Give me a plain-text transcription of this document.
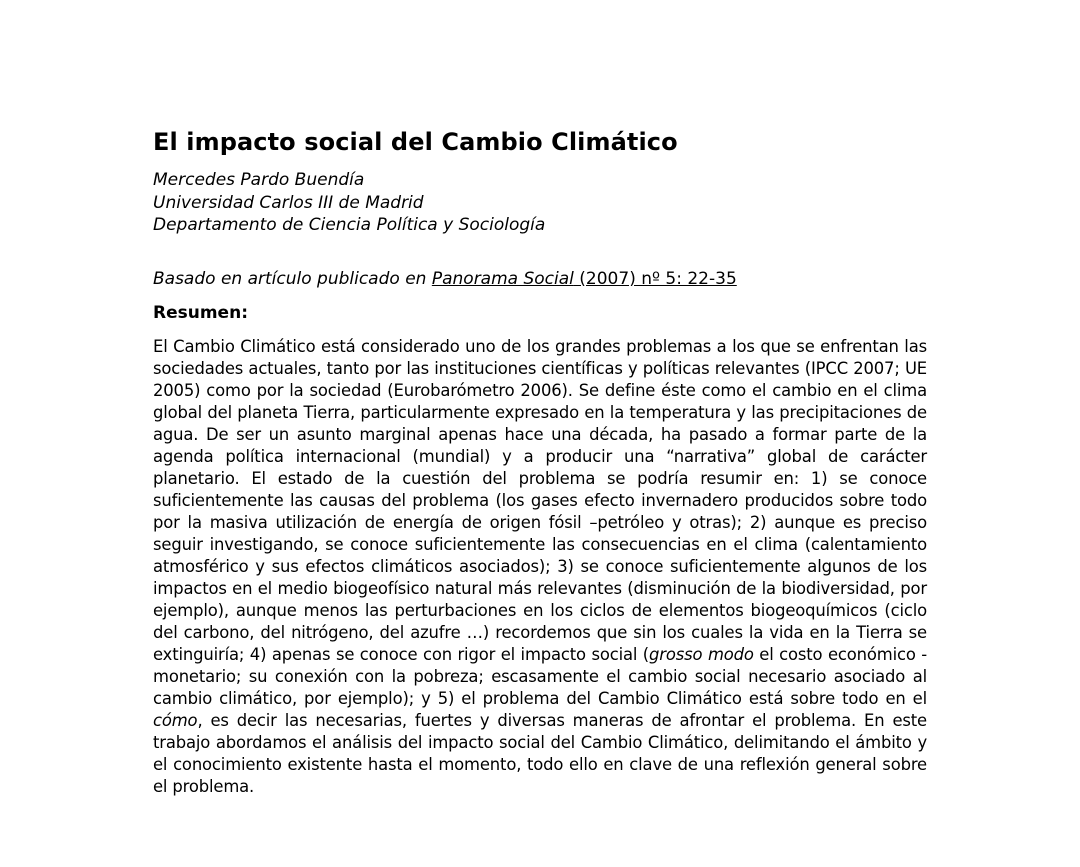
El impacto social del Cambio Climático
Mercedes Pardo Buendía
Universidad Carlos III de Madrid
Departamento de Ciencia Política y Sociología
Basado en artículo publicado en Panorama Social (2007) nº 5: 22-35
Resumen:

El Cambio Climático está considerado uno de los grandes problemas a los que se enfrentan las sociedades actuales, tanto por las instituciones científicas y políticas relevantes (IPCC 2007; UE 2005) como por la sociedad (Eurobarómetro 2006). Se define éste como el cambio en el clima global del planeta Tierra, particularmente expresado en la temperatura y las precipitaciones de agua. De ser un asunto marginal apenas hace una década, ha pasado a formar parte de la agenda política internacional (mundial) y a producir una “narrativa” global de carácter planetario. El estado de la cuestión del problema se podría resumir en: 1) se conoce suficientemente las causas del problema (los gases efecto invernadero producidos sobre todo por la masiva utilización de energía de origen fósil –petróleo y otras); 2) aunque es preciso seguir investigando, se conoce suficientemente las consecuencias en el clima (calentamiento atmosférico y sus efectos climáticos asociados); 3) se conoce suficientemente algunos de los impactos en el medio biogeofísico natural más relevantes (disminución de la biodiversidad, por ejemplo), aunque menos las perturbaciones en los ciclos de elementos biogeoquímicos (ciclo del carbono, del nitrógeno, del azufre …) recordemos que sin los cuales la vida en la Tierra se extinguiría; 4) apenas se conoce con rigor el impacto social (grosso modo el costo económico -monetario; su conexión con la pobreza; escasamente el cambio social necesario asociado al cambio climático, por ejemplo); y 5) el problema del Cambio Climático está sobre todo en el cómo, es decir las necesarias, fuertes y diversas maneras de afrontar el problema. En este trabajo abordamos el análisis del impacto social del Cambio Climático, delimitando el ámbito y el conocimiento existente hasta el momento, todo ello en clave de una reflexión general sobre el problema.
